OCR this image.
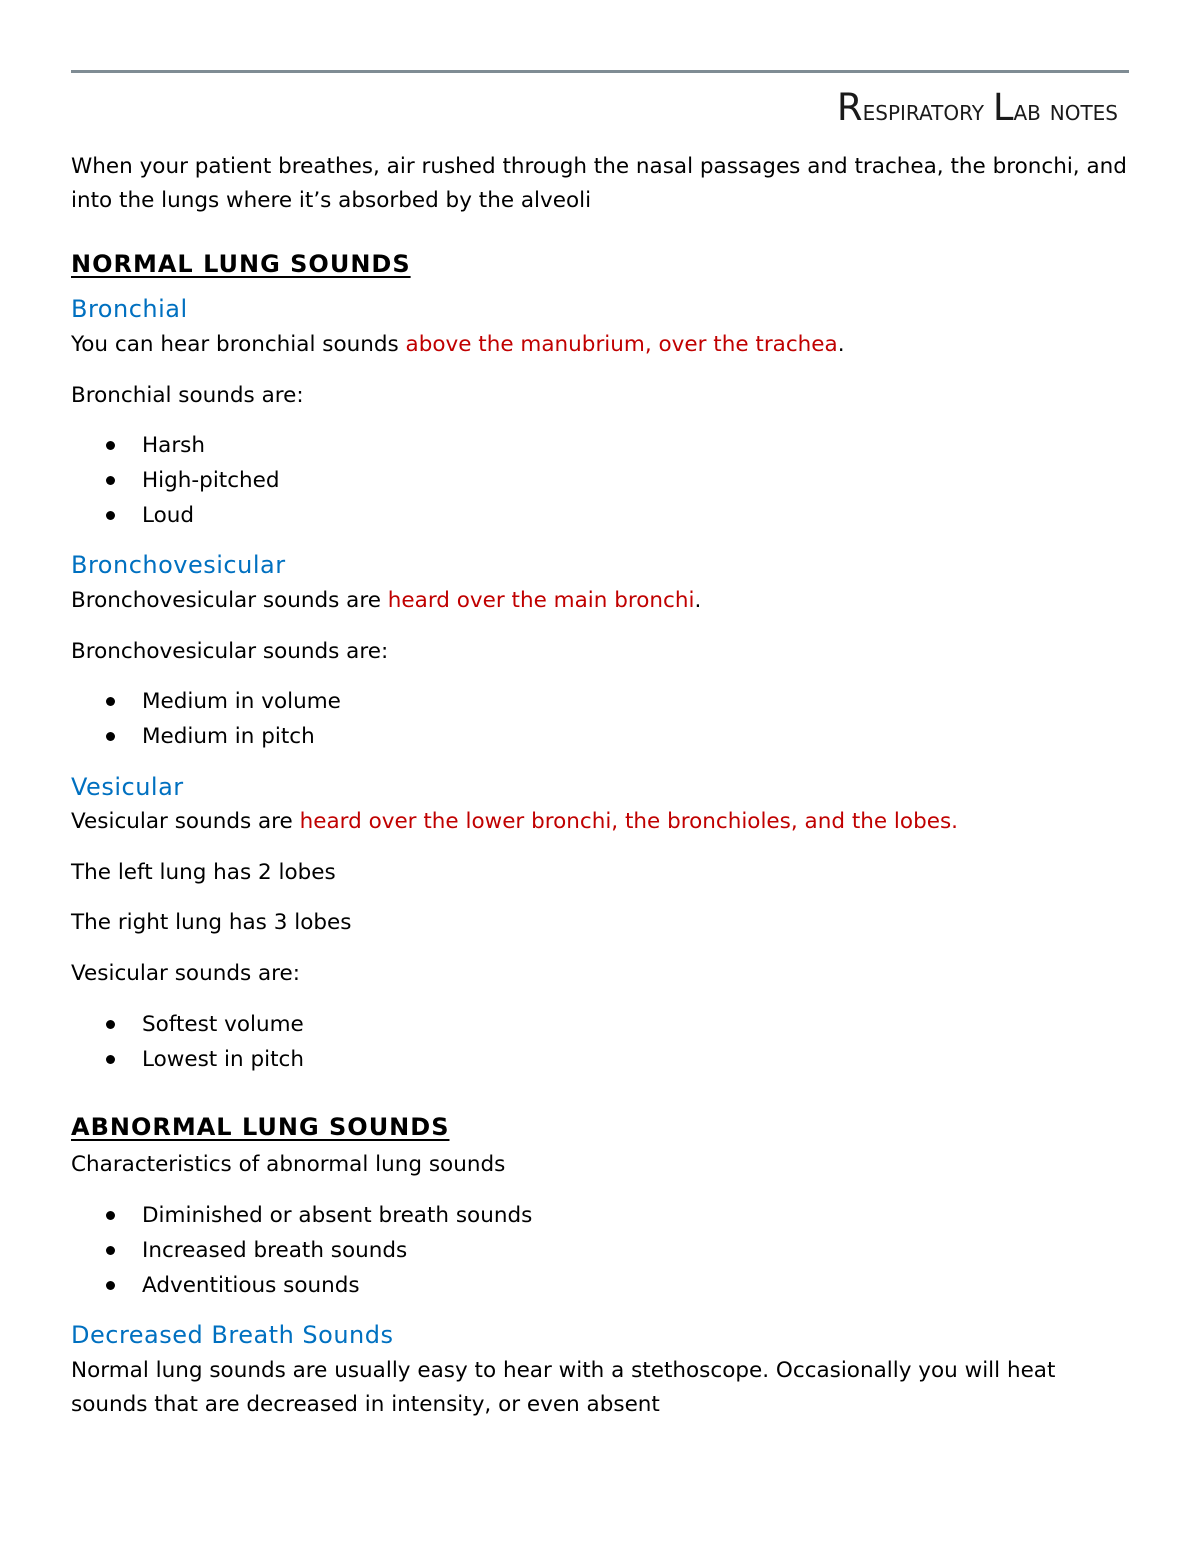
Respiratory Lab notes

When your patient breathes, air rushed through the nasal passages and trachea, the bronchi, and into the lungs where it’s absorbed by the alveoli

NORMAL LUNG SOUNDS
Bronchial

You can hear bronchial sounds above the manubrium, over the trachea.

Bronchial sounds are:

Harsh
High-pitched
Loud
Bronchovesicular

Bronchovesicular sounds are heard over the main bronchi.

Bronchovesicular sounds are:

Medium in volume
Medium in pitch
Vesicular

Vesicular sounds are heard over the lower bronchi, the bronchioles, and the lobes.

The left lung has 2 lobes

The right lung has 3 lobes

Vesicular sounds are:

Softest volume
Lowest in pitch
ABNORMAL LUNG SOUNDS

Characteristics of abnormal lung sounds

Diminished or absent breath sounds
Increased breath sounds
Adventitious sounds
Decreased Breath Sounds

Normal lung sounds are usually easy to hear with a stethoscope. Occasionally you will heat sounds that are decreased in intensity, or even absent
